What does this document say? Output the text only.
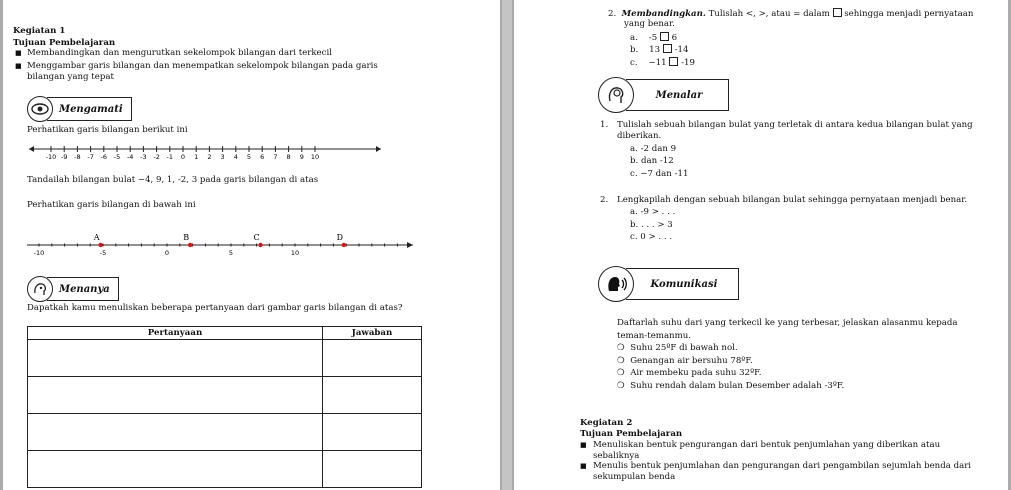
Kegiatan 1
Tujuan Pembelajaran
■ Membandingkan dan mengurutkan sekelompok bilangan dari terkecil
■ Menggambar garis bilangan dan menempatkan sekelompok bilangan pada garis
bilangan yang tepat
Mengamati
Perhatikan garis bilangan berikut ini
-10 -9 -8 -7 -6 -5 -4 -3 -2 -1 0 1 2 3 4 5 6 7 8 9 10
Tandailah bilangan bulat −4, 9, 1, -2, 3 pada garis bilangan di atas
Perhatikan garis bilangan di bawah ini
-10	-5	0	5	10
A	B	C	D
Menanya
Dapatkah kamu menuliskan beberapa pertanyaan dari gambar garis bilangan di atas?
Pertanyaan	Jawaban

2. Membandingkan. Tulislah <, >, atau = dalam  sehingga menjadi pernyataan
yang benar.
a. -5 6
b. 13 -14
c. −11 -19
Menalar
1. Tulislah sebuah bilangan bulat yang terletak di antara kedua bilangan bulat yang
diberikan.
a. -2 dan 9
b. dan -12
c. −7 dan -11
2. Lengkapilah dengan sebuah bilangan bulat sehingga pernyataan menjadi benar.
a. -9 > . . .
b. . . . > 3
c. 0 > . . .
Komunikasi
Daftarlah suhu dari yang terkecil ke yang terbesar, jelaskan alasanmu kepada
teman-temanmu.
❍ Suhu 25ºF di bawah nol.
❍ Genangan air bersuhu 78ºF.
❍ Air membeku pada suhu 32ºF.
❍ Suhu rendah dalam bulan Desember adalah -3ºF.
Kegiatan 2
Tujuan Pembelajaran
■ Menuliskan bentuk pengurangan dari bentuk penjumlahan yang diberikan atau
sebaliknya
■ Menulis bentuk penjumlahan dan pengurangan dari pengambilan sejumlah benda dari
sekumpulan benda
